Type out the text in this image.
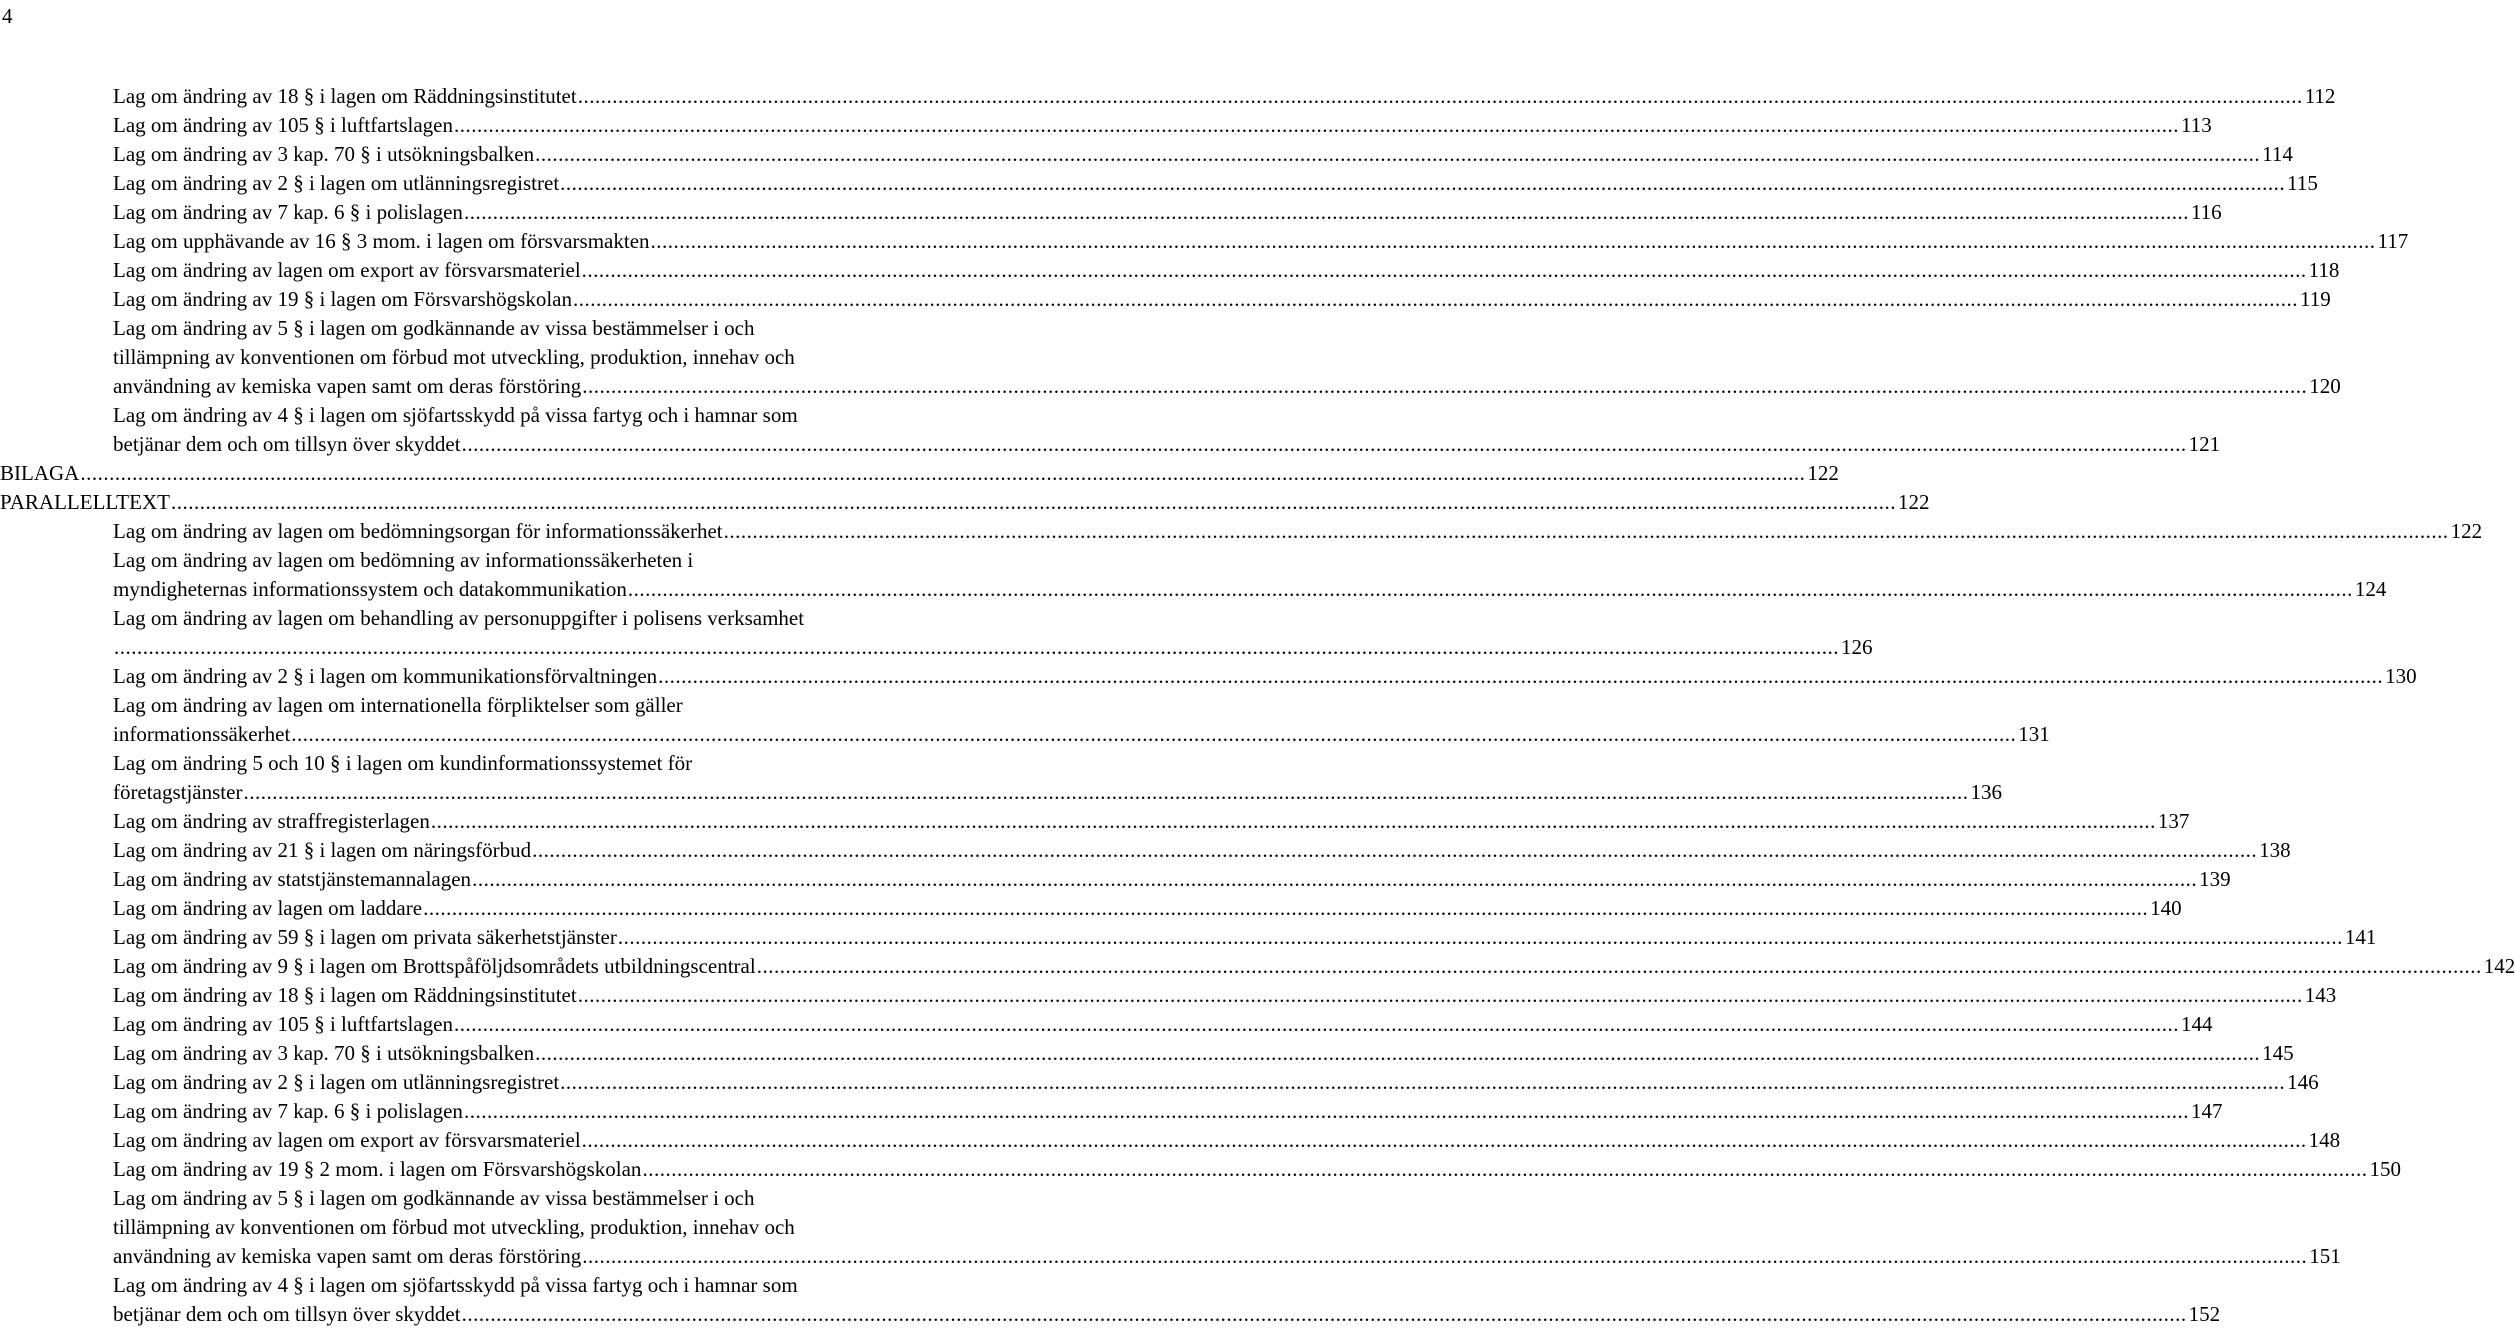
4
Lag om ändring av 18 § i lagen om Räddningsinstitutet ............................................................................................................................................................................................................................................................................................................ 112
Lag om ändring av 105 § i luftfartslagen ............................................................................................................................................................................................................................................................................................................ 113
Lag om ändring av 3 kap. 70 § i utsökningsbalken ............................................................................................................................................................................................................................................................................................................ 114
Lag om ändring av 2 § i lagen om utlänningsregistret ............................................................................................................................................................................................................................................................................................................ 115
Lag om ändring av 7 kap. 6 § i polislagen ............................................................................................................................................................................................................................................................................................................ 116
Lag om upphävande av 16 § 3 mom. i lagen om försvarsmakten ............................................................................................................................................................................................................................................................................................................ 117
Lag om ändring av lagen om export av försvarsmateriel ............................................................................................................................................................................................................................................................................................................ 118
Lag om ändring av 19 § i lagen om Försvarshögskolan ............................................................................................................................................................................................................................................................................................................ 119
Lag om ändring av 5 § i lagen om godkännande av vissa bestämmelser i och
tillämpning av konventionen om förbud mot utveckling, produktion, innehav och
användning av kemiska vapen samt om deras förstöring ............................................................................................................................................................................................................................................................................................................ 120
Lag om ändring av 4 § i lagen om sjöfartsskydd på vissa fartyg och i hamnar som
betjänar dem och om tillsyn över skyddet ............................................................................................................................................................................................................................................................................................................ 121
BILAGA ............................................................................................................................................................................................................................................................................................................ 122
PARALLELLTEXT ............................................................................................................................................................................................................................................................................................................ 122
Lag om ändring av lagen om bedömningsorgan för informationssäkerhet ............................................................................................................................................................................................................................................................................................................ 122
Lag om ändring av lagen om bedömning av informationssäkerheten i
myndigheternas informationssystem och datakommunikation ............................................................................................................................................................................................................................................................................................................ 124
Lag om ändring av lagen om behandling av personuppgifter i polisens verksamhet
............................................................................................................................................................................................................................................................................................................ 126
Lag om ändring av 2 § i lagen om kommunikationsförvaltningen ............................................................................................................................................................................................................................................................................................................ 130
Lag om ändring av lagen om internationella förpliktelser som gäller
informationssäkerhet ............................................................................................................................................................................................................................................................................................................ 131
Lag om ändring 5 och 10 § i lagen om kundinformationssystemet för
företagstjänster ............................................................................................................................................................................................................................................................................................................ 136
Lag om ändring av straffregisterlagen ............................................................................................................................................................................................................................................................................................................ 137
Lag om ändring av 21 § i lagen om näringsförbud ............................................................................................................................................................................................................................................................................................................ 138
Lag om ändring av statstjänstemannalagen ............................................................................................................................................................................................................................................................................................................ 139
Lag om ändring av lagen om laddare ............................................................................................................................................................................................................................................................................................................ 140
Lag om ändring av 59 § i lagen om privata säkerhetstjänster ............................................................................................................................................................................................................................................................................................................ 141
Lag om ändring av 9 § i lagen om Brottspåföljdsområdets utbildningscentral ............................................................................................................................................................................................................................................................................................................ 142
Lag om ändring av 18 § i lagen om Räddningsinstitutet ............................................................................................................................................................................................................................................................................................................ 143
Lag om ändring av 105 § i luftfartslagen ............................................................................................................................................................................................................................................................................................................ 144
Lag om ändring av 3 kap. 70 § i utsökningsbalken ............................................................................................................................................................................................................................................................................................................ 145
Lag om ändring av 2 § i lagen om utlänningsregistret ............................................................................................................................................................................................................................................................................................................ 146
Lag om ändring av 7 kap. 6 § i polislagen ............................................................................................................................................................................................................................................................................................................ 147
Lag om ändring av lagen om export av försvarsmateriel ............................................................................................................................................................................................................................................................................................................ 148
Lag om ändring av 19 § 2 mom. i lagen om Försvarshögskolan ............................................................................................................................................................................................................................................................................................................ 150
Lag om ändring av 5 § i lagen om godkännande av vissa bestämmelser i och
tillämpning av konventionen om förbud mot utveckling, produktion, innehav och
användning av kemiska vapen samt om deras förstöring ............................................................................................................................................................................................................................................................................................................ 151
Lag om ändring av 4 § i lagen om sjöfartsskydd på vissa fartyg och i hamnar som
betjänar dem och om tillsyn över skyddet ............................................................................................................................................................................................................................................................................................................ 152
